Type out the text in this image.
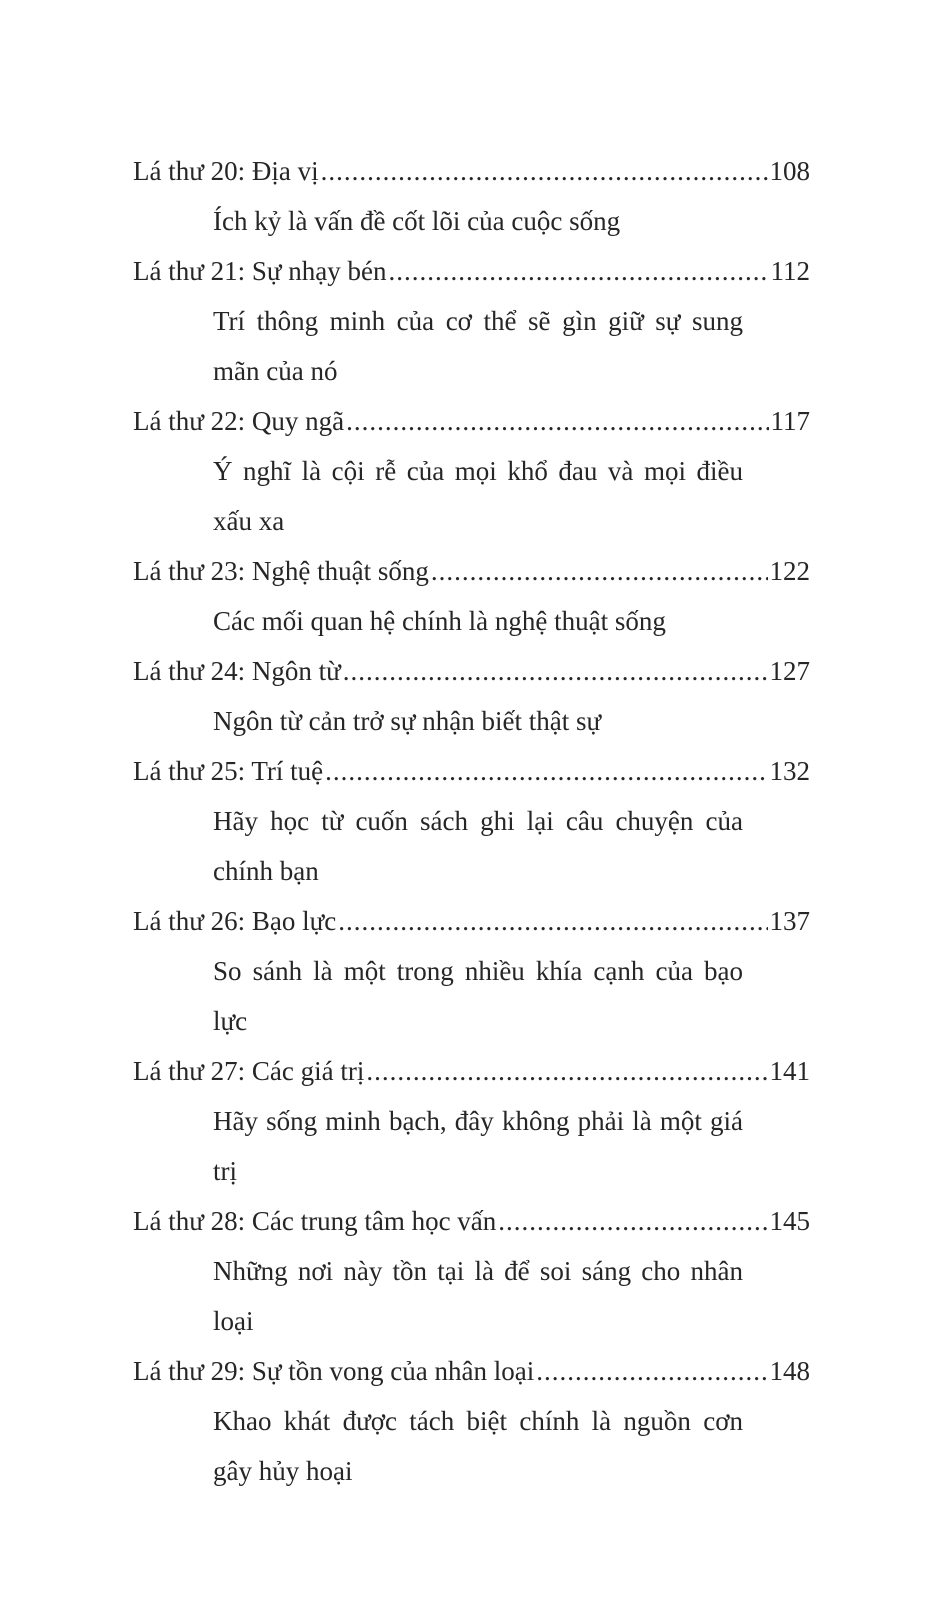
Lá thư 20: Địa vị .....	108
Ích kỷ là vấn đề cốt lõi của cuộc sống
Lá thư 21: Sự nhạy bén .....	112
Trí thông minh của cơ thể sẽ gìn giữ sự sung mãn của nó
Lá thư 22: Quy ngã .....	117
Ý nghĩ là cội rễ của mọi khổ đau và mọi điều xấu xa
Lá thư 23: Nghệ thuật sống .....	122
Các mối quan hệ chính là nghệ thuật sống
Lá thư 24: Ngôn từ .....	127
Ngôn từ cản trở sự nhận biết thật sự
Lá thư 25: Trí tuệ .....	132
Hãy học từ cuốn sách ghi lại câu chuyện của chính bạn
Lá thư 26: Bạo lực .....	137
So sánh là một trong nhiều khía cạnh của bạo lực
Lá thư 27: Các giá trị .....	141
Hãy sống minh bạch, đây không phải là một giá trị
Lá thư 28: Các trung tâm học vấn .....	145
Những nơi này tồn tại là để soi sáng cho nhân loại
Lá thư 29: Sự tồn vong của nhân loại .....	148
Khao khát được tách biệt chính là nguồn cơn gây hủy hoại
